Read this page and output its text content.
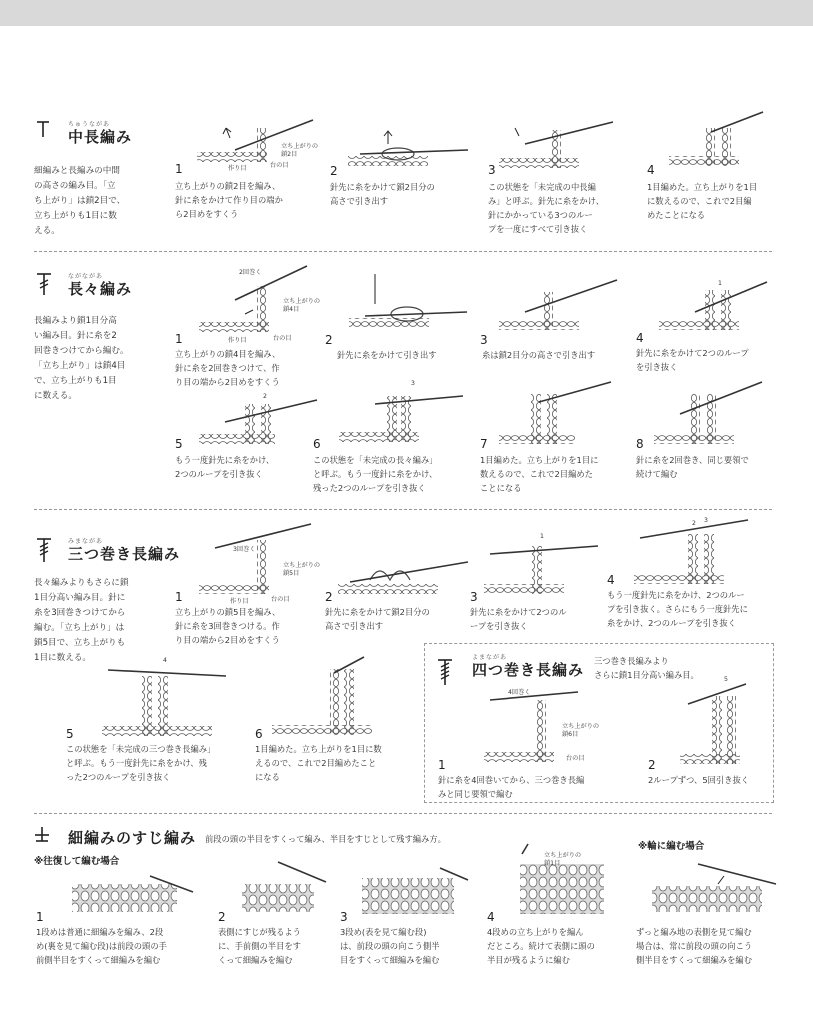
ちゅうながあ
中長編み
細編みと長編みの中間
の高さの編み目。「立
ち上がり」は鎖2目で、
立ち上がりも1目に数
える。
立ち上がりの
鎖2目
台の目
作り目
1
立ち上がりの鎖2目を編み、
針に糸をかけて作り目の端か
ら2目めをすくう
2
針先に糸をかけて鎖2目分の
高さで引き出す
3
この状態を「未完成の中長編
み」と呼ぶ。針先に糸をかけ、
針にかかっている3つのルー
プを一度にすべて引き抜く
4
1目編めた。立ち上がりを1目
に数えるので、これで2目編
めたことになる
ながながあ
長々編み
長編みより鎖1目分高
い編み目。針に糸を2
回巻きつけてから編む。
「立ち上がり」は鎖4目
で、立ち上がりも1目
に数える。
2回巻く
立ち上がりの
鎖4目
作り目	台の目
1
立ち上がりの鎖4目を編み、
針に糸を2回巻きつけて、作
り目の端から2目めをすくう
2
針先に糸をかけて引き出す
3
糸は鎖2目分の高さで引き出す
1
4
針先に糸をかけて2つのループ
を引き抜く
2
5
もう一度針先に糸をかけ、
2つのループを引き抜く
3
6
この状態を「未完成の長々編み」
と呼ぶ。もう一度針に糸をかけ、
残った2つのループを引き抜く
7
1目編めた。立ち上がりを1目に
数えるので、これで2目編めた
ことになる
8
針に糸を2回巻き、同じ要領で
続けて編む
みまながあ
三つ巻き長編み
長々編みよりもさらに鎖
1目分高い編み目。針に
糸を3回巻きつけてから
編む。「立ち上がり」は
鎖5目で、立ち上がりも
1目に数える。
3回巻く
立ち上がりの
鎖5目
作り目	台の目
1
立ち上がりの鎖5目を編み、
針に糸を3回巻きつける。作
り目の端から2目めをすくう
2
針先に糸をかけて鎖2目分の
高さで引き出す
1
3
針先に糸をかけて2つのル
ープを引き抜く
2 3
4
もう一度針先に糸をかけ、2つのルー
プを引き抜く。さらにもう一度針先に
糸をかけ、2つのループを引き抜く
4
5
この状態を「未完成の三つ巻き長編み」
と呼ぶ。もう一度針先に糸をかけ、残
った2つのループを引き抜く
6
1目編めた。立ち上がりを1目に数
えるので、これで2目編めたこと
になる
よまながあ
四つ巻き長編み 三つ巻き長編みより
さらに鎖1目分高い編み目。
4回巻く
立ち上がりの
鎖6目
台の目
1
針に糸を4回巻いてから、三つ巻き長編
みと同じ要領で編む
5
2
2ループずつ、5回引き抜く
細編みのすじ編み 前段の頭の半目をすくって編み、半目をすじとして残す編み方。
※往復して編む場合
※輪に編む場合
1
1段めは普通に細編みを編み、2段
め(裏を見て編む段)は前段の頭の手
前側半目をすくって細編みを編む
2
表側にすじが残るよう
に、手前側の半目をす
くって細編みを編む
3
3段め(表を見て編む段)
は、前段の頭の向こう側半
目をすくって細編みを編む
立ち上がりの
鎖1目
4
4段めの立ち上がりを編ん
だところ。続けて表側に頭の
半目が残るように編む
ずっと編み地の表側を見て編む
場合は、常に前段の頭の向こう
側半目をすくって細編みを編む
